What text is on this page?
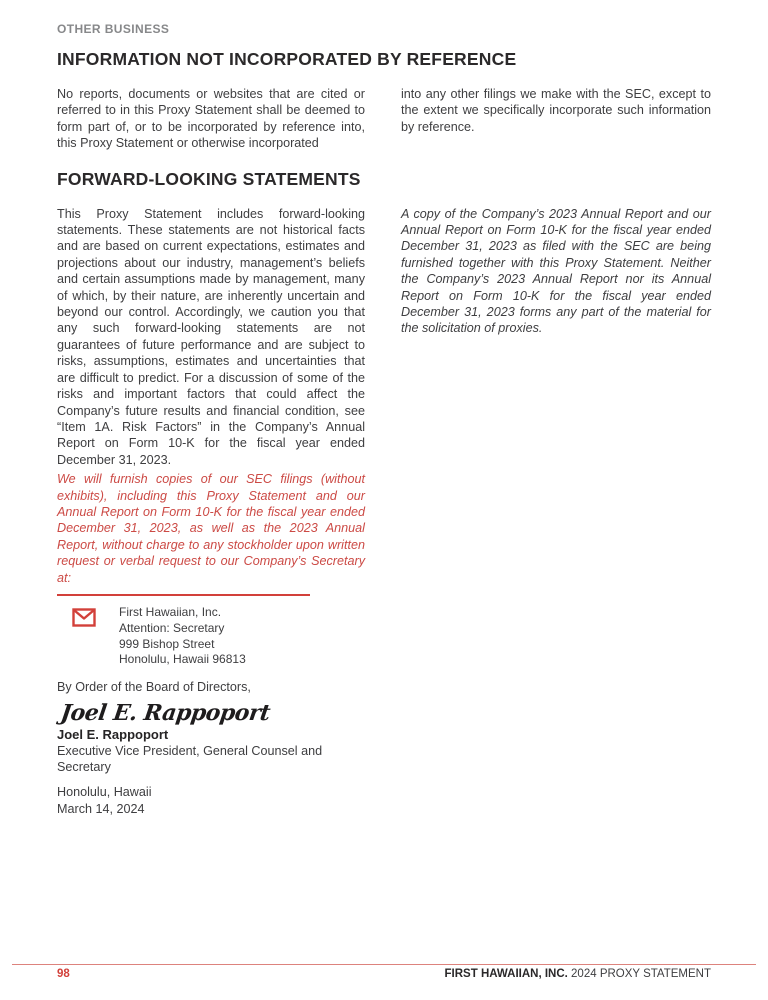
OTHER BUSINESS
INFORMATION NOT INCORPORATED BY REFERENCE

No reports, documents or websites that are cited or referred to in this Proxy Statement shall be deemed to form part of, or to be incorporated by reference into, this Proxy Statement or otherwise incorporated

into any other filings we make with the SEC, except to the extent we specifically incorporate such information by reference.

FORWARD-LOOKING STATEMENTS

This Proxy Statement includes forward-looking statements. These statements are not historical facts and are based on current expectations, estimates and projections about our industry, management’s beliefs and certain assumptions made by management, many of which, by their nature, are inherently uncertain and beyond our control. Accordingly, we caution you that any such forward-looking statements are not guarantees of future performance and are subject to risks, assumptions, estimates and uncertainties that are difficult to predict. For a discussion of some of the risks and important factors that could affect the Company’s future results and financial condition, see “Item 1A. Risk Factors” in the Company’s Annual Report on Form 10-K for the fiscal year ended December 31, 2023.

We will furnish copies of our SEC filings (without exhibits), including this Proxy Statement and our Annual Report on Form 10-K for the fiscal year ended December 31, 2023, as well as the 2023 Annual Report, without charge to any stockholder upon written request or verbal request to our Company’s Secretary at:

First Hawaiian, Inc.
Attention: Secretary
999 Bishop Street
Honolulu, Hawaii 96813
By Order of the Board of Directors,
Joel E. Rappoport
Joel E. Rappoport
Executive Vice President, General Counsel and Secretary
Honolulu, Hawaii
March 14, 2024

A copy of the Company’s 2023 Annual Report and our Annual Report on Form 10-K for the fiscal year ended December 31, 2023 as filed with the SEC are being furnished together with this Proxy Statement. Neither the Company’s 2023 Annual Report nor its Annual Report on Form 10-K for the fiscal year ended December 31, 2023 forms any part of the material for the solicitation of proxies.

98	FIRST HAWAIIAN, INC. 2024 PROXY STATEMENT
